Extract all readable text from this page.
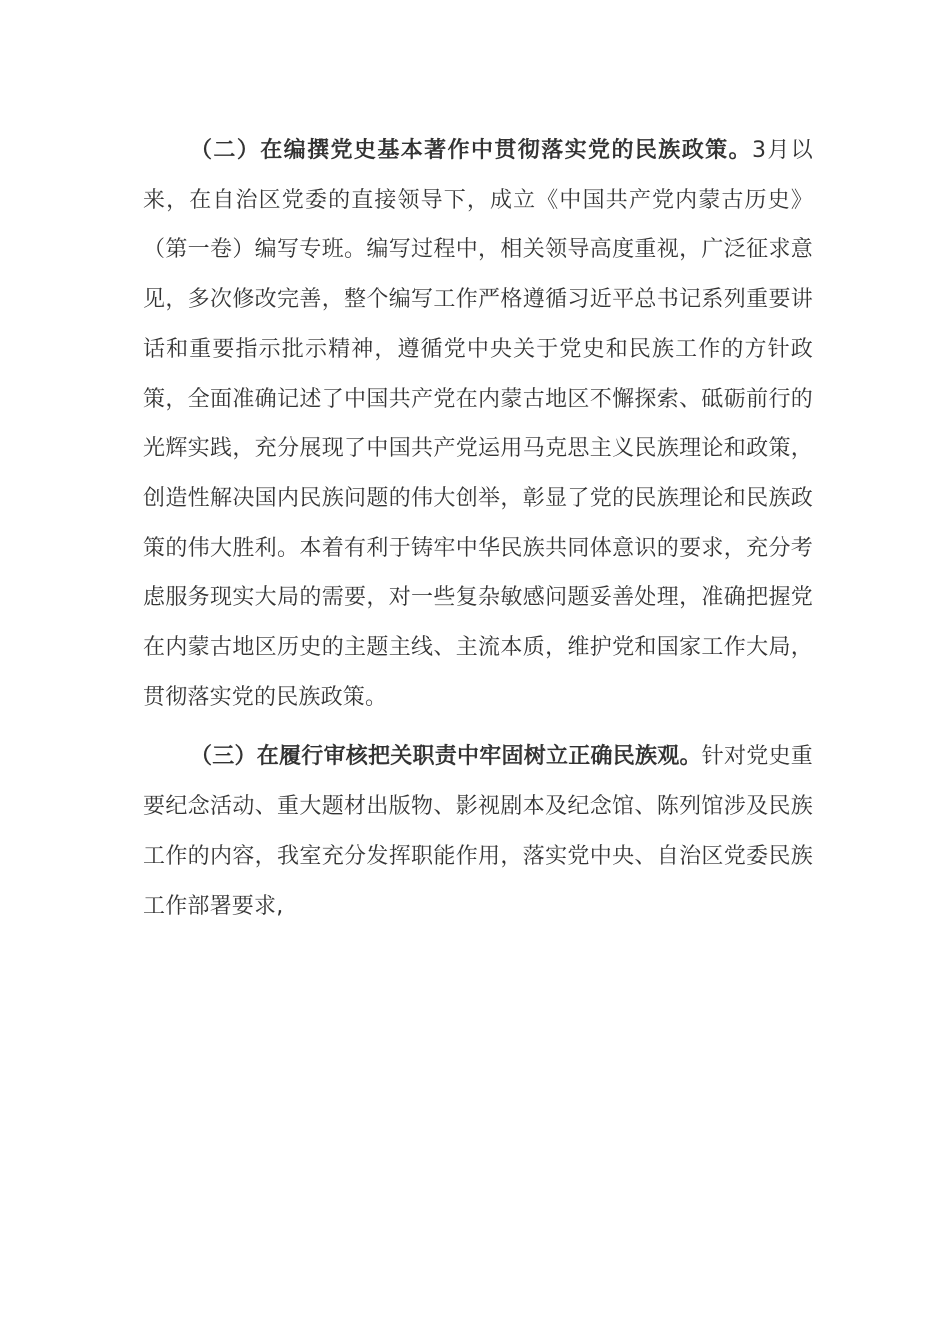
（二）在编撰党史基本著作中贯彻落实党的民族政策。3月以来，在自治区党委的直接领导下，成立《中国共产党内蒙古历史》（第一卷）编写专班。编写过程中，相关领导高度重视，广泛征求意见，多次修改完善，整个编写工作严格遵循习近平总书记系列重要讲话和重要指示批示精神，遵循党中央关于党史和民族工作的方针政策，全面准确记述了中国共产党在内蒙古地区不懈探索、砥砺前行的光辉实践，充分展现了中国共产党运用马克思主义民族理论和政策，创造性解决国内民族问题的伟大创举，彰显了党的民族理论和民族政策的伟大胜利。本着有利于铸牢中华民族共同体意识的要求，充分考虑服务现实大局的需要，对一些复杂敏感问题妥善处理，准确把握党在内蒙古地区历史的主题主线、主流本质，维护党和国家工作大局，贯彻落实党的民族政策。

（三）在履行审核把关职责中牢固树立正确民族观。针对党史重要纪念活动、重大题材出版物、影视剧本及纪念馆、陈列馆涉及民族工作的内容，我室充分发挥职能作用，落实党中央、自治区党委民族工作部署要求,
